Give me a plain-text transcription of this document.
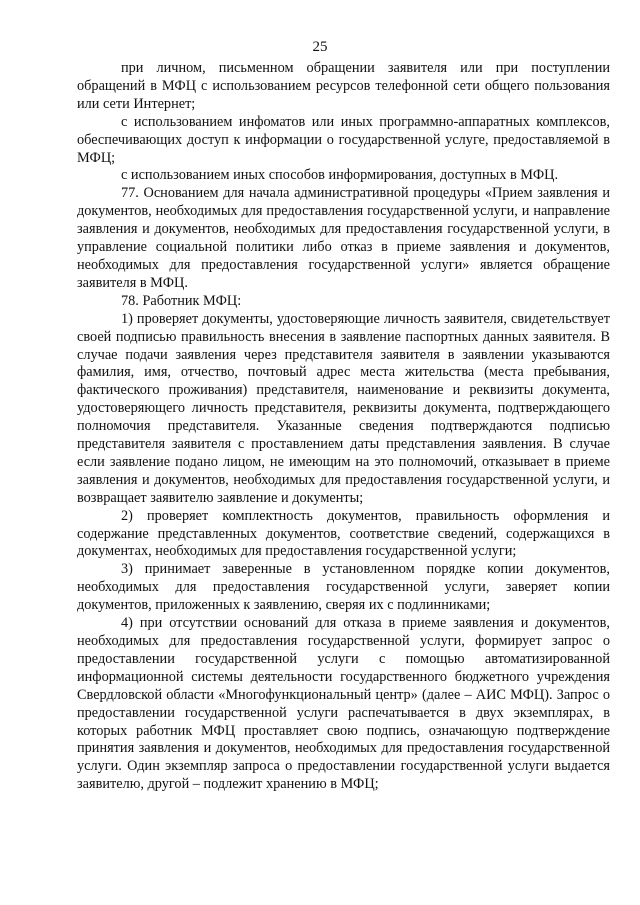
25

при личном, письменном обращении заявителя или при поступлении обращений в МФЦ с использованием ресурсов телефонной сети общего пользования или сети Интернет;

с использованием инфоматов или иных программно-аппаратных комплексов, обеспечивающих доступ к информации о государственной услуге, предоставляемой в МФЦ;

с использованием иных способов информирования, доступных в МФЦ.

77. Основанием для начала административной процедуры «Прием заявления и документов, необходимых для предоставления государственной услуги, и направление заявления и документов, необходимых для предоставления государственной услуги, в управление социальной политики либо отказ в приеме заявления и документов, необходимых для предоставления государственной услуги» является обращение заявителя в МФЦ.

78. Работник МФЦ:

1) проверяет документы, удостоверяющие личность заявителя, свидетельствует своей подписью правильность внесения в заявление паспортных данных заявителя. В случае подачи заявления через представителя заявителя в заявлении указываются фамилия, имя, отчество, почтовый адрес места жительства (места пребывания, фактического проживания) представителя, наименование и реквизиты документа, удостоверяющего личность представителя, реквизиты документа, подтверждающего полномочия представителя. Указанные сведения подтверждаются подписью представителя заявителя с проставлением даты представления заявления. В случае если заявление подано лицом, не имеющим на это полномочий, отказывает в приеме заявления и документов, необходимых для предоставления государственной услуги, и возвращает заявителю заявление и документы;

2) проверяет комплектность документов, правильность оформления и содержание представленных документов, соответствие сведений, содержащихся в документах, необходимых для предоставления государственной услуги;

3) принимает заверенные в установленном порядке копии документов, необходимых для предоставления государственной услуги, заверяет копии документов, приложенных к заявлению, сверяя их с подлинниками;

4) при отсутствии оснований для отказа в приеме заявления и документов, необходимых для предоставления государственной услуги, формирует запрос о предоставлении государственной услуги с помощью автоматизированной информационной системы деятельности государственного бюджетного учреждения Свердловской области «Многофункциональный центр» (далее – АИС МФЦ). Запрос о предоставлении государственной услуги распечатывается в двух экземплярах, в которых работник МФЦ проставляет свою подпись, означающую подтверждение принятия заявления и документов, необходимых для предоставления государственной услуги. Один экземпляр запроса о предоставлении государственной услуги выдается заявителю, другой – подлежит хранению в МФЦ;
